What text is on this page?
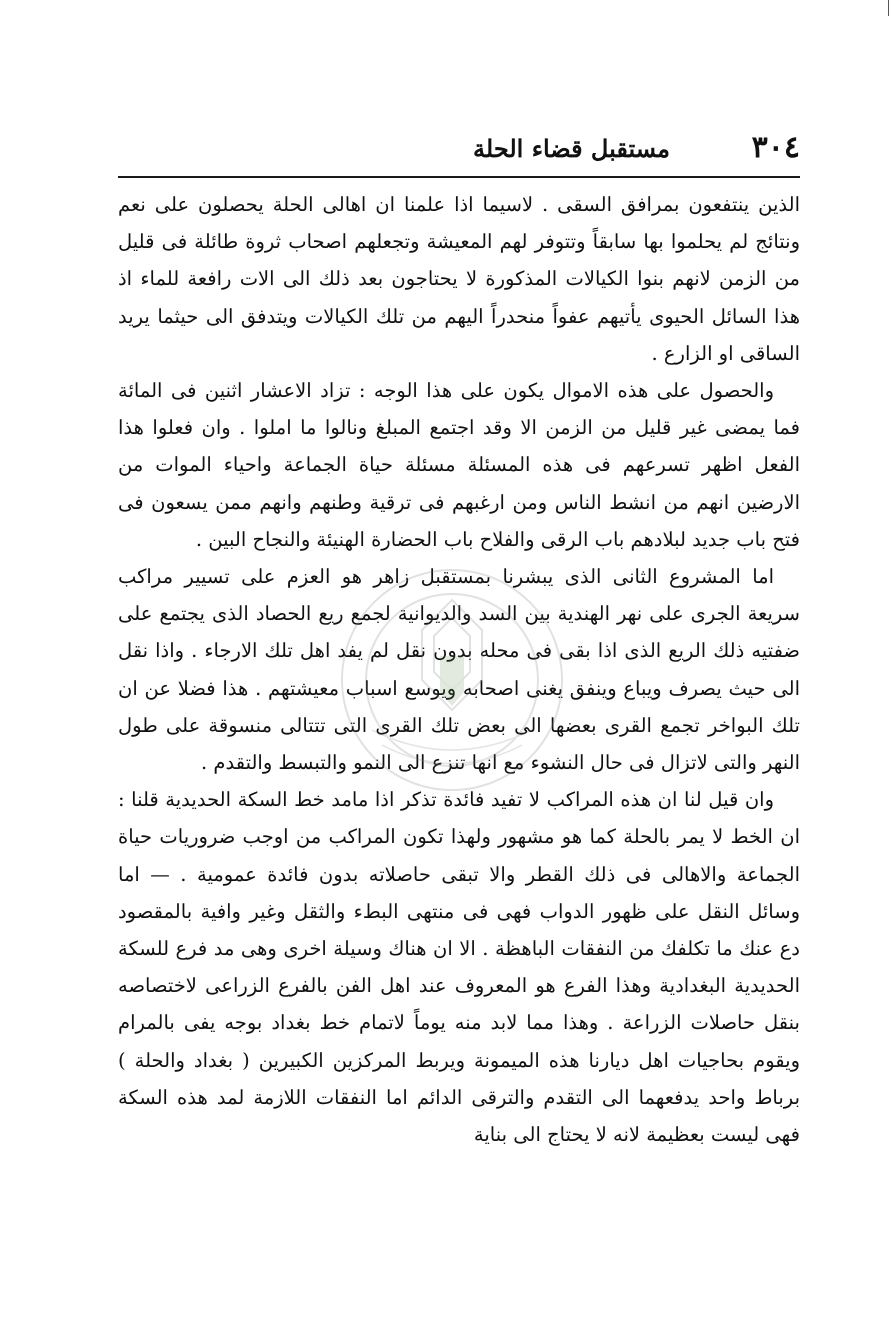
٣٠٤
مستقبل قضاء الحلة

الذين ينتفعون بمرافق السقى . لاسيما اذا علمنا ان اهالى الحلة يحصلون على نعم ونتائج لم يحلموا بها سابقاً وتتوفر لهم المعيشة وتجعلهم اصحاب ثروة طائلة فى قليل من الزمن لانهم بنوا الكيالات المذكورة لا يحتاجون بعد ذلك الى الات رافعة للماء اذ هذا السائل الحيوى يأتيهم عفواً منحدراً اليهم من تلك الكيالات ويتدفق الى حيثما يريد الساقى او الزارع .

والحصول على هذه الاموال يكون على هذا الوجه : تزاد الاعشار اثنين فى المائة فما يمضى غير قليل من الزمن الا وقد اجتمع المبلغ ونالوا ما املوا . وان فعلوا هذا الفعل اظهر تسرعهم فى هذه المسئلة مسئلة حياة الجماعة واحياء الموات من الارضين انهم من انشط الناس ومن ارغبهم فى ترقية وطنهم وانهم ممن يسعون فى فتح باب جديد لبلادهم باب الرقى والفلاح باب الحضارة الهنيئة والنجاح البين .

اما المشروع الثانى الذى يبشرنا بمستقبل زاهر هو العزم على تسيير مراكب سريعة الجرى على نهر الهندية بين السد والديوانية لجمع ريع الحصاد الذى يجتمع على ضفتيه ذلك الريع الذى اذا بقى فى محله بدون نقل لم يفد اهل تلك الارجاء . واذا نقل الى حيث يصرف ويباع وينفق يغنى اصحابه ويوسع اسباب معيشتهم . هذا فضلا عن ان تلك البواخر تجمع القرى بعضها الى بعض تلك القرى التى تتتالى منسوقة على طول النهر والتى لاتزال فى حال النشوء مع انها تنزع الى النمو والتبسط والتقدم .

وان قيل لنا ان هذه المراكب لا تفيد فائدة تذكر اذا مامد خط السكة الحديدية قلنا : ان الخط لا يمر بالحلة كما هو مشهور ولهذا تكون المراكب من اوجب ضروريات حياة الجماعة والاهالى فى ذلك القطر والا تبقى حاصلاته بدون فائدة عمومية . — اما وسائل النقل على ظهور الدواب فهى فى منتهى البطء والثقل وغير وافية بالمقصود دع عنك ما تكلفك من النفقات الباهظة . الا ان هناك وسيلة اخرى وهى مد فرع للسكة الحديدية البغدادية وهذا الفرع هو المعروف عند اهل الفن بالفرع الزراعى لاختصاصه بنقل حاصلات الزراعة . وهذا مما لابد منه يوماً لاتمام خط بغداد بوجه يفى بالمرام ويقوم بحاجيات اهل ديارنا هذه الميمونة ويربط المركزين الكبيرين ( بغداد والحلة ) برباط واحد يدفعهما الى التقدم والترقى الدائم اما النفقات اللازمة لمد هذه السكة فهى ليست بعظيمة لانه لا يحتاج الى بناية
